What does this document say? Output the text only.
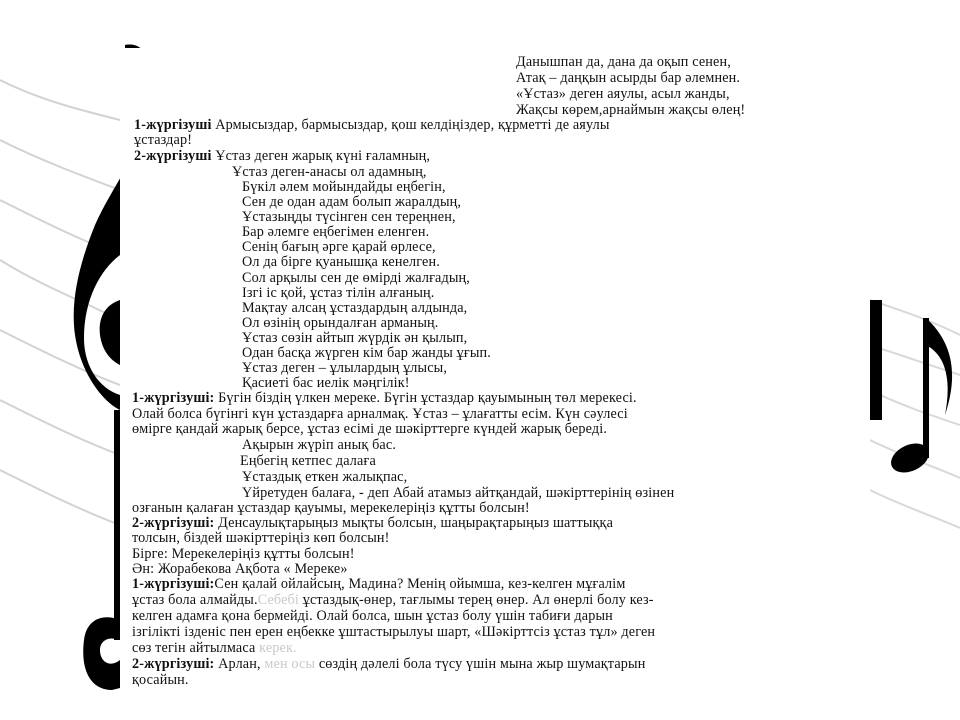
Данышпан да, дана да оқып сенен,
Атақ – даңқын асырды бар әлемнен.
«Ұстаз» деген аяулы, асыл жанды,
Жақсы көрем,арнаймын жақсы өлең!
1-жүргізуші Армысыздар, бармысыздар, қош келдіңіздер, құрметті де аяулы
ұстаздар!
2-жүргізуші Ұстаз деген жарық күні ғаламның,
Ұстаз деген-анасы ол адамның,
Бүкіл әлем мойындайды еңбегін,
Сен де одан адам болып жаралдың,
Ұстазыңды түсінген сен тереңнен,
Бар әлемге еңбегімен еленген.
Сенің бағың әрге қарай өрлесе,
Ол да бірге қуанышқа кенелген.
Сол арқылы сен де өмірді жалғадың,
Ізгі іс қой, ұстаз тілін алғаның.
Мақтау алсаң ұстаздардың алдында,
Ол өзінің орындалған арманың.
Ұстаз сөзін айтып жүрдік ән қылып,
Одан басқа жүрген кім бар жанды ұғып.
Ұстаз деген – ұлылардың ұлысы,
Қасиеті бас иелік мәңгілік!
1-жүргізуші: Бүгін біздің үлкен мереке. Бүгін ұстаздар қауымының төл мерекесі.
Олай болса бүгінгі күн ұстаздарға арналмақ. Ұстаз – ұлағатты есім. Күн сәулесі
өмірге қандай жарық берсе, ұстаз есімі де шәкірттерге күндей жарық береді.
Ақырын жүріп анық бас.
Еңбегің кетпес далаға
Ұстаздық еткен жалықпас,
Үйретуден балаға, - деп Абай атамыз айтқандай, шәкірттерінің өзінен
озғанын қалаған ұстаздар қауымы, мерекелеріңіз құтты болсын!
2-жүргізуші: Денсаулықтарыңыз мықты болсын, шаңырақтарыңыз шаттыққа
толсын, біздей шәкірттеріңіз көп болсын!
Бірге: Мерекелеріңіз құтты болсын!
Ән: Жорабекова Ақбота « Мереке»
1-жүргізуші:Сен қалай ойлайсың, Мадина? Менің ойымша, кез-келген мұғалім
ұстаз бола алмайды.Себебі ұстаздық-өнер, тағлымы терең өнер. Ал өнерлі болу кез-
келген адамға қона бермейді. Олай болса, шын ұстаз болу үшін табиғи дарын
ізгілікті ізденіс пен ерен еңбекке ұштастырылуы шарт, «Шәкірттсіз ұстаз тұл» деген
сөз тегін айтылмаса керек.
2-жүргізуші: Арлан, мен осы сөздің дәлелі бола түсу үшін мына жыр шумақтарын
қосайын.
